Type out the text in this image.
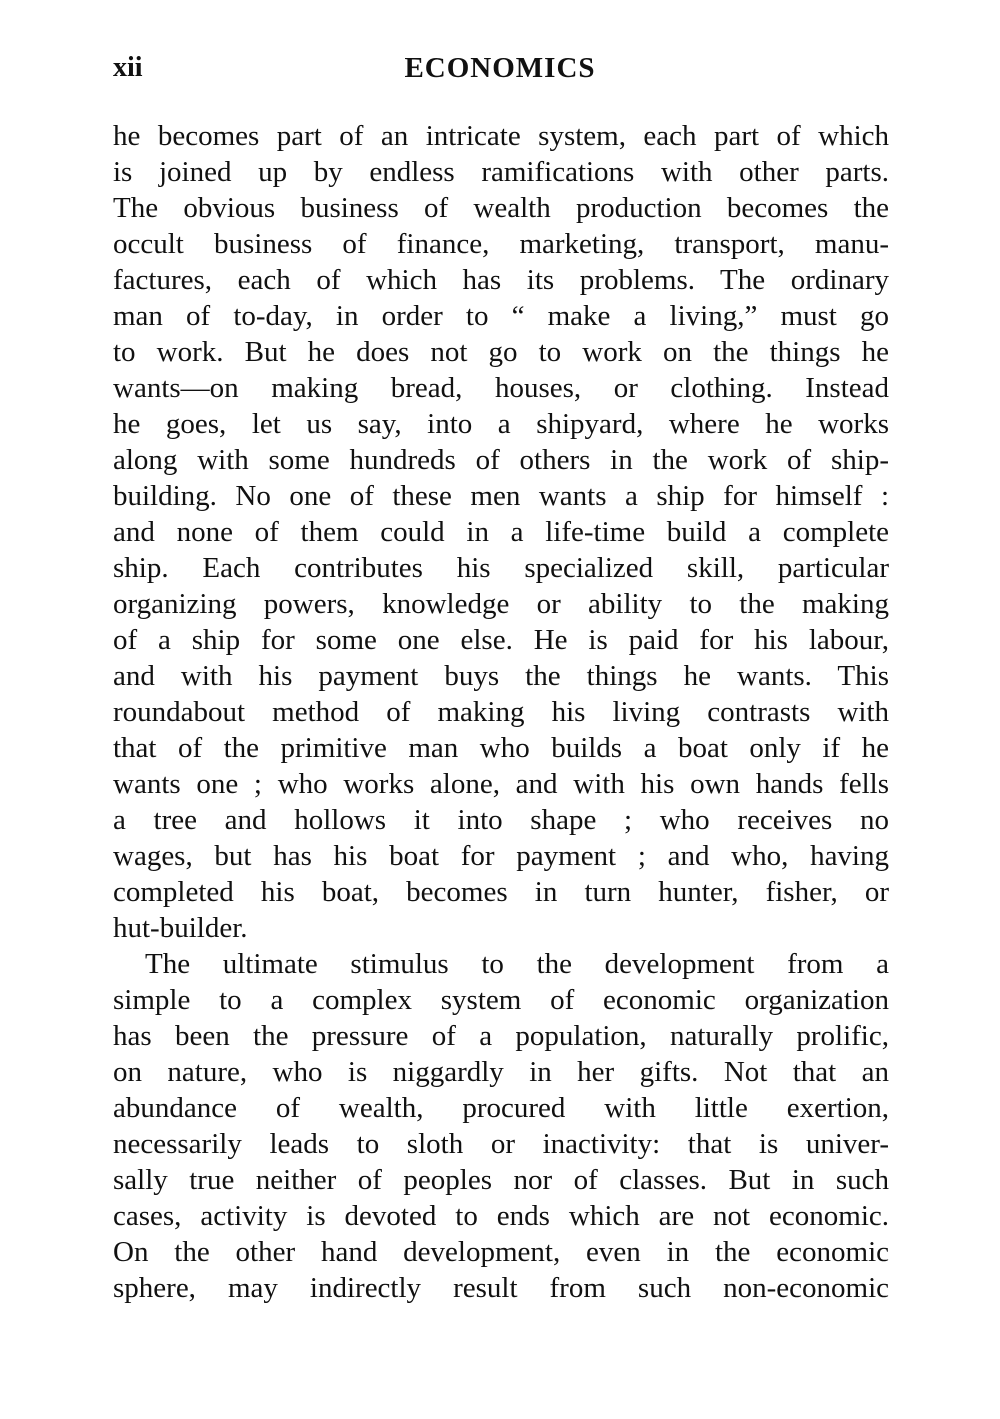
xii	ECONOMICS
he becomes part of an intricate system, each part of which
is joined up by endless ramifications with other parts.
The obvious business of wealth production becomes the
occult business of finance, marketing, transport, manu-
factures, each of which has its problems. The ordinary
man of to-day, in order to “ make a living,” must go
to work. But he does not go to work on the things he
wants—on making bread, houses, or clothing. Instead
he goes, let us say, into a shipyard, where he works
along with some hundreds of others in the work of ship-
building. No one of these men wants a ship for himself :
and none of them could in a life-time build a complete
ship. Each contributes his specialized skill, particular
organizing powers, knowledge or ability to the making
of a ship for some one else. He is paid for his labour,
and with his payment buys the things he wants. This
roundabout method of making his living contrasts with
that of the primitive man who builds a boat only if he
wants one ; who works alone, and with his own hands fells
a tree and hollows it into shape ; who receives no
wages, but has his boat for payment ; and who, having
completed his boat, becomes in turn hunter, fisher, or
hut-builder.
The ultimate stimulus to the development from a
simple to a complex system of economic organization
has been the pressure of a population, naturally prolific,
on nature, who is niggardly in her gifts. Not that an
abundance of wealth, procured with little exertion,
necessarily leads to sloth or inactivity: that is univer-
sally true neither of peoples nor of classes. But in such
cases, activity is devoted to ends which are not economic.
On the other hand development, even in the economic
sphere, may indirectly result from such non-economic
